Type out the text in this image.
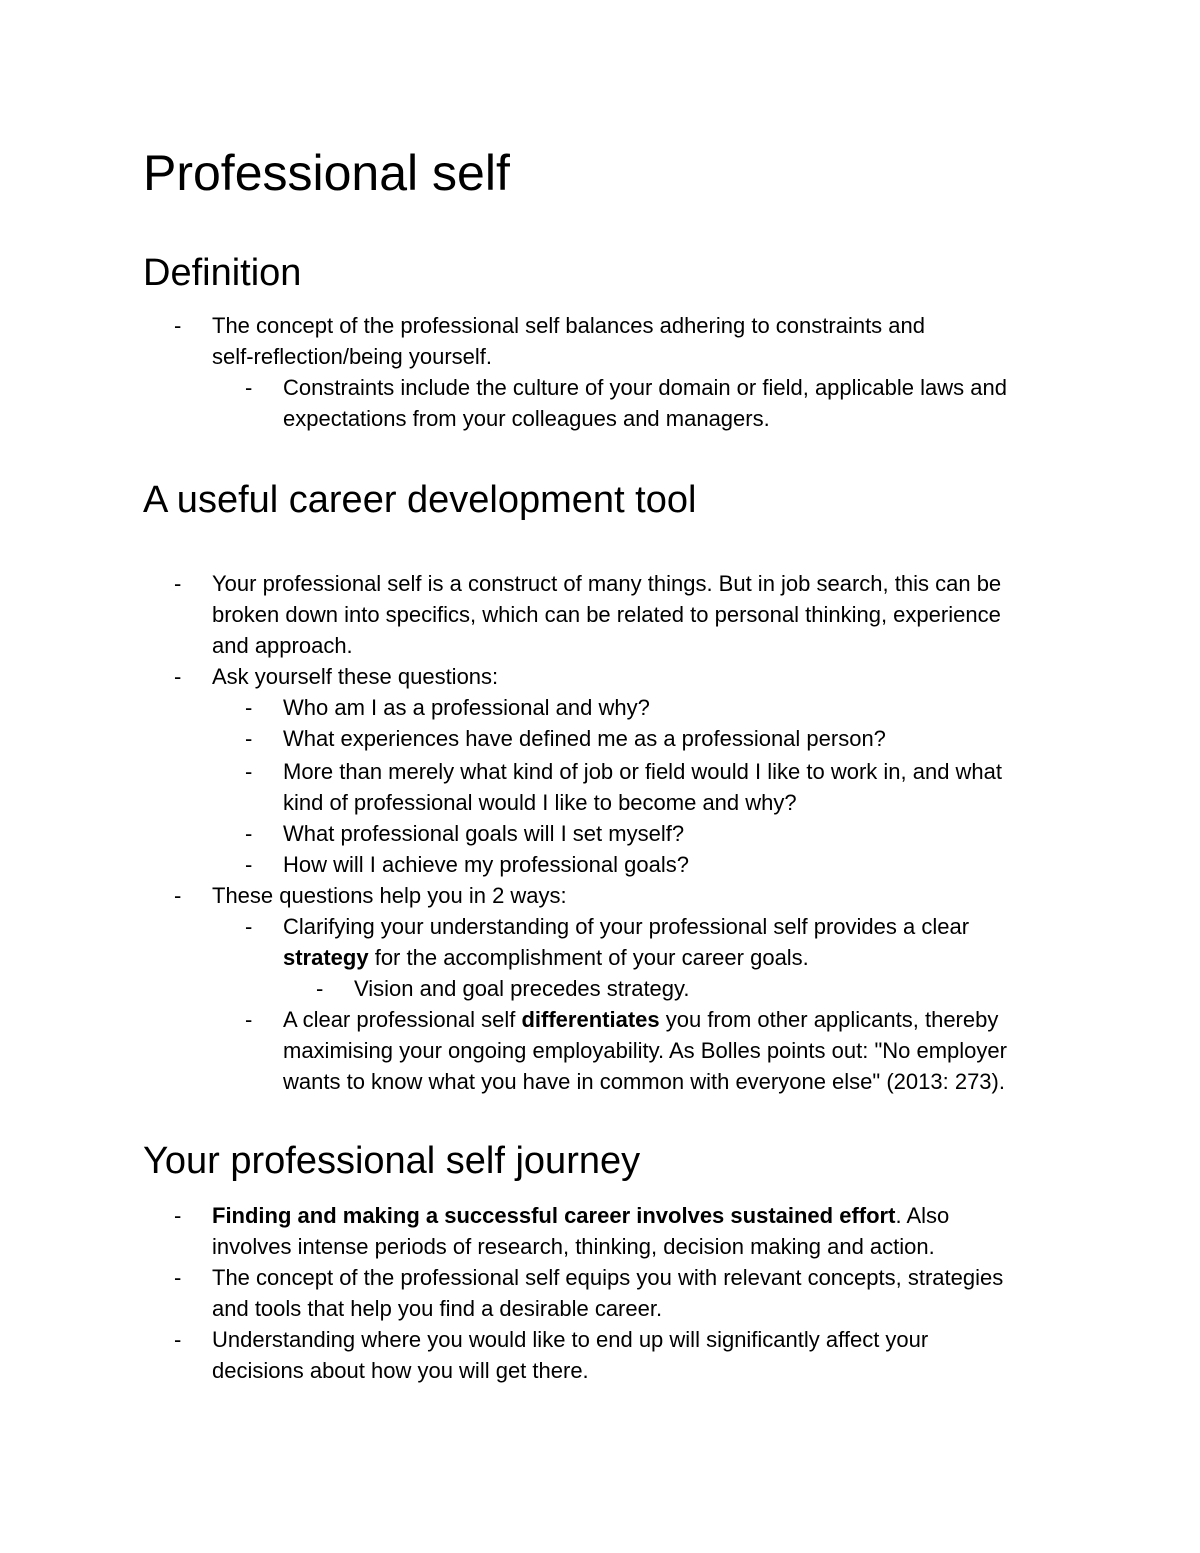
Professional self
Definition
- The concept of the professional self balances adhering to constraints and
self-reflection/being yourself.
- Constraints include the culture of your domain or field, applicable laws and
expectations from your colleagues and managers.
A useful career development tool
- Your professional self is a construct of many things. But in job search, this can be
broken down into specifics, which can be related to personal thinking, experience
and approach.
- Ask yourself these questions:
- Who am I as a professional and why?
- What experiences have defined me as a professional person?
- More than merely what kind of job or field would I like to work in, and what
kind of professional would I like to become and why?
- What professional goals will I set myself?
- How will I achieve my professional goals?
- These questions help you in 2 ways:
- Clarifying your understanding of your professional self provides a clear
strategy for the accomplishment of your career goals.
- Vision and goal precedes strategy.
- A clear professional self differentiates you from other applicants, thereby
maximising your ongoing employability. As Bolles points out: "No employer
wants to know what you have in common with everyone else" (2013: 273).
Your professional self journey
- Finding and making a successful career involves sustained effort. Also
involves intense periods of research, thinking, decision making and action.
- The concept of the professional self equips you with relevant concepts, strategies
and tools that help you find a desirable career.
- Understanding where you would like to end up will significantly affect your
decisions about how you will get there.
